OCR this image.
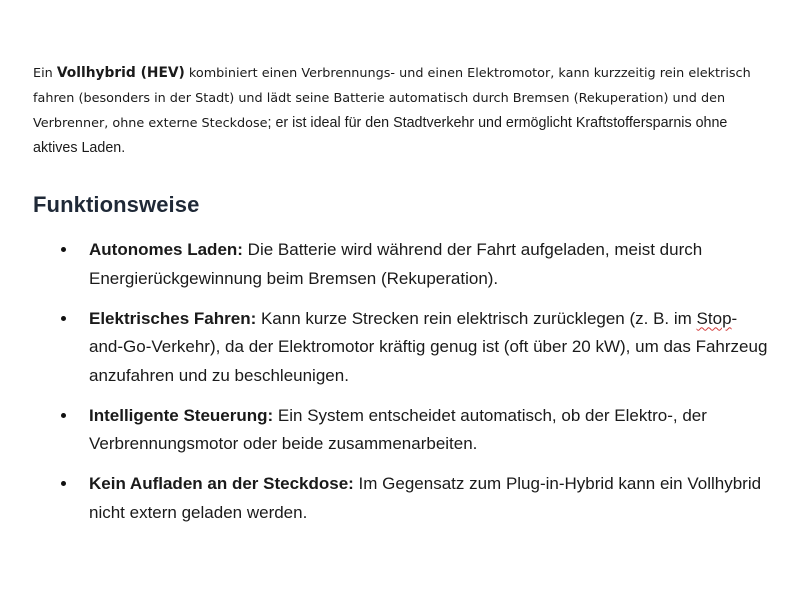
Ein Vollhybrid (HEV) kombiniert einen Verbrennungs- und einen Elektromotor, kann kurzzeitig rein elektrisch fahren (besonders in der Stadt) und lädt seine Batterie automatisch durch Bremsen (Rekuperation) und den Verbrenner, ohne externe Steckdose; er ist ideal für den Stadtverkehr und ermöglicht Kraftstoffersparnis ohne aktives Laden.

Funktionsweise
Autonomes Laden: Die Batterie wird während der Fahrt aufgeladen, meist durch Energierückgewinnung beim Bremsen (Rekuperation).
Elektrisches Fahren: Kann kurze Strecken rein elektrisch zurücklegen (z. B. im Stop-and-Go-Verkehr), da der Elektromotor kräftig genug ist (oft über 20 kW), um das Fahrzeug anzufahren und zu beschleunigen.
Intelligente Steuerung: Ein System entscheidet automatisch, ob der Elektro-, der Verbrennungsmotor oder beide zusammenarbeiten.
Kein Aufladen an der Steckdose: Im Gegensatz zum Plug-in-Hybrid kann ein Vollhybrid nicht extern geladen werden.
